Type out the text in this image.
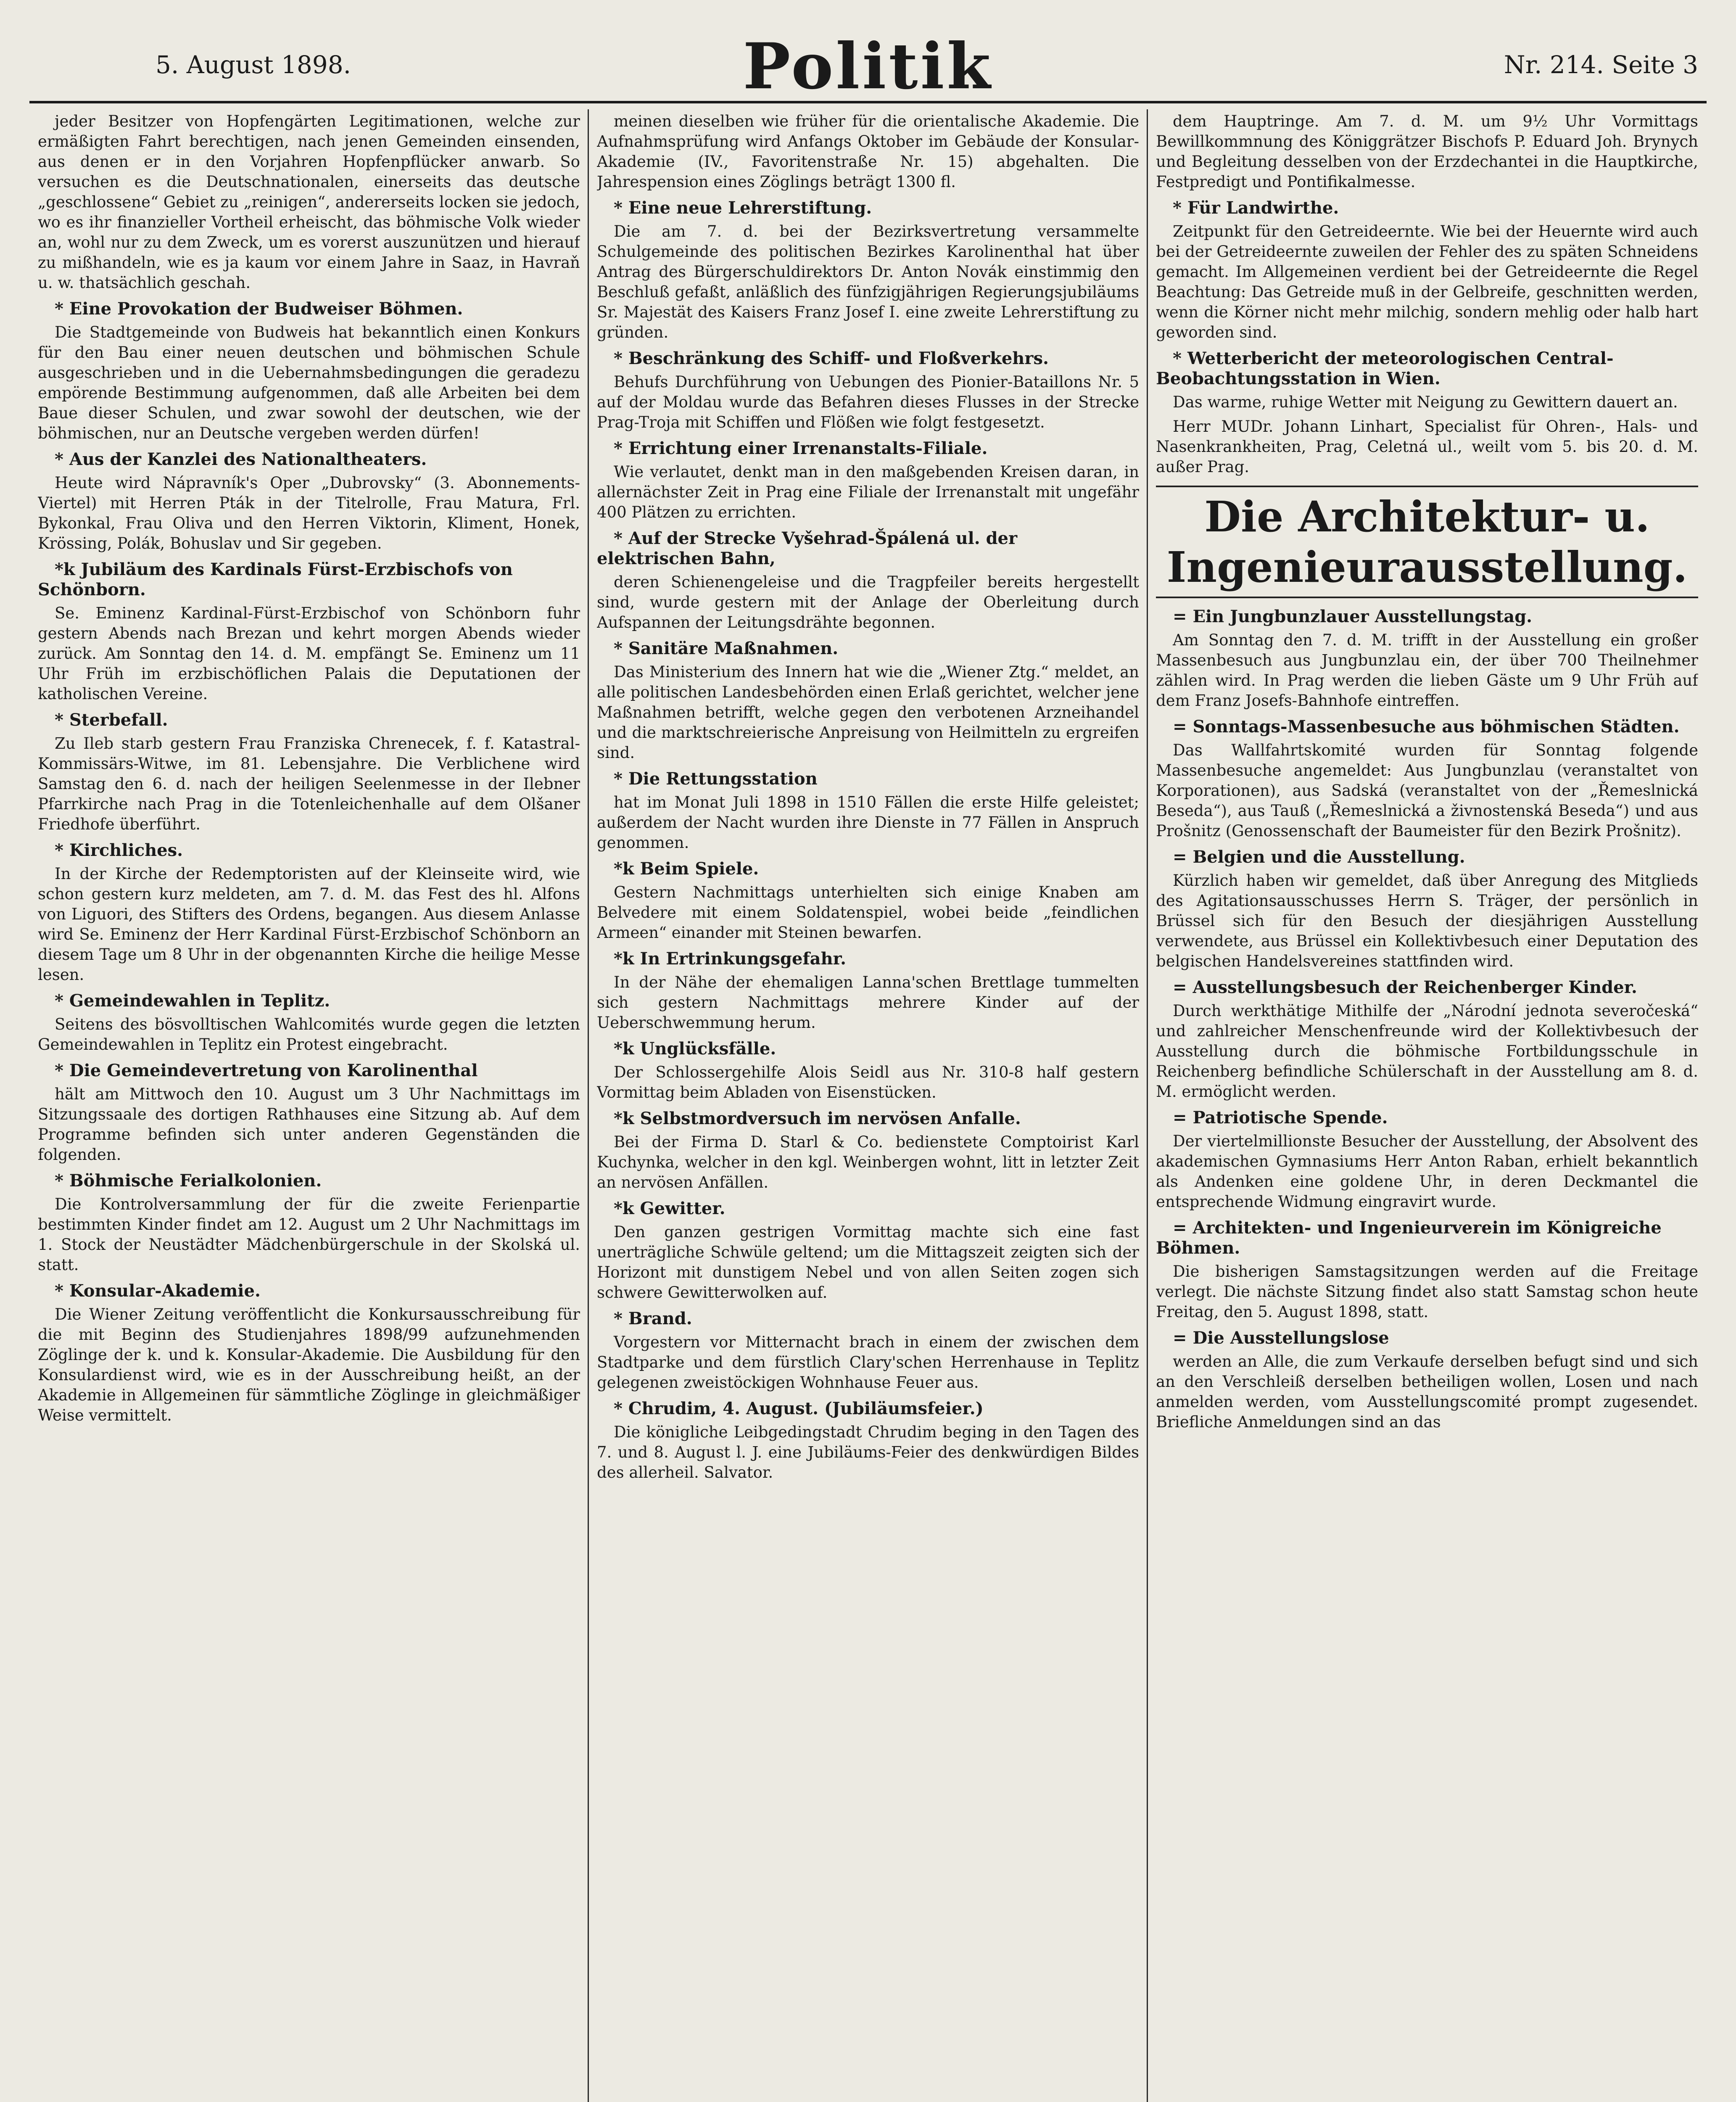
5. August 1898.	Politik	Nr. 214. Seite 3

jeder Besitzer von Hopfengärten Legitimationen, welche zur ermäßigten Fahrt berechtigen, nach jenen Gemeinden einsenden, aus denen er in den Vorjahren Hopfenpflücker anwarb. So versuchen es die Deutschnationalen, einerseits das deutsche „geschlossene“ Gebiet zu „reinigen“, andererseits locken sie jedoch, wo es ihr finanzieller Vortheil erheischt, das böhmische Volk wieder an, wohl nur zu dem Zweck, um es vorerst auszunützen und hierauf zu mißhandeln, wie es ja kaum vor einem Jahre in Saaz, in Havraň u. w. thatsächlich geschah.

* Eine Provokation der Budweiser Böhmen.

Die Stadtgemeinde von Budweis hat bekanntlich einen Konkurs für den Bau einer neuen deutschen und böhmischen Schule ausgeschrieben und in die Uebernahmsbedingungen die geradezu empörende Bestimmung aufgenommen, daß alle Arbeiten bei dem Baue dieser Schulen, und zwar sowohl der deutschen, wie der böhmischen, nur an Deutsche vergeben werden dürfen!

* Aus der Kanzlei des Nationaltheaters.

Heute wird Nápravník's Oper „Dubrovsky“ (3. Abonnements-Viertel) mit Herren Pták in der Titelrolle, Frau Matura, Frl. Bykonkal, Frau Oliva und den Herren Viktorin, Kliment, Honek, Krössing, Polák, Bohuslav und Sir gegeben.

*k Jubiläum des Kardinals Fürst-Erzbischofs von Schönborn.

Se. Eminenz Kardinal-Fürst-Erzbischof von Schönborn fuhr gestern Abends nach Brezan und kehrt morgen Abends wieder zurück. Am Sonntag den 14. d. M. empfängt Se. Eminenz um 11 Uhr Früh im erzbischöflichen Palais die Deputationen der katholischen Vereine.

* Sterbefall.

Zu Ileb starb gestern Frau Franziska Chrenecek, f. f. Katastral-Kommissärs-Witwe, im 81. Lebensjahre. Die Verblichene wird Samstag den 6. d. nach der heiligen Seelenmesse in der Ilebner Pfarrkirche nach Prag in die Totenleichenhalle auf dem Olšaner Friedhofe überführt.

* Kirchliches.

In der Kirche der Redemptoristen auf der Kleinseite wird, wie schon gestern kurz meldeten, am 7. d. M. das Fest des hl. Alfons von Liguori, des Stifters des Ordens, begangen. Aus diesem Anlasse wird Se. Eminenz der Herr Kardinal Fürst-Erzbischof Schönborn an diesem Tage um 8 Uhr in der obgenannten Kirche die heilige Messe lesen.

* Gemeindewahlen in Teplitz.

Seitens des bösvolltischen Wahlcomités wurde gegen die letzten Gemeindewahlen in Teplitz ein Protest eingebracht.

* Die Gemeindevertretung von Karolinenthal

hält am Mittwoch den 10. August um 3 Uhr Nachmittags im Sitzungssaale des dortigen Rathhauses eine Sitzung ab. Auf dem Programme befinden sich unter anderen Gegenständen die folgenden.

* Böhmische Ferialkolonien.

Die Kontrolversammlung der für die zweite Ferienpartie bestimmten Kinder findet am 12. August um 2 Uhr Nachmittags im 1. Stock der Neustädter Mädchenbürgerschule in der Skolská ul. statt.

* Konsular-Akademie.

Die Wiener Zeitung veröffentlicht die Konkursausschreibung für die mit Beginn des Studienjahres 1898/99 aufzunehmenden Zöglinge der k. und k. Konsular-Akademie. Die Ausbildung für den Konsulardienst wird, wie es in der Ausschreibung heißt, an der Akademie in Allgemeinen für sämmtliche Zöglinge in gleichmäßiger Weise vermittelt.

meinen dieselben wie früher für die orientalische Akademie. Die Aufnahmsprüfung wird Anfangs Oktober im Gebäude der Konsular-Akademie (IV., Favoritenstraße Nr. 15) abgehalten. Die Jahrespension eines Zöglings beträgt 1300 fl.

* Eine neue Lehrerstiftung.

Die am 7. d. bei der Bezirksvertretung versammelte Schulgemeinde des politischen Bezirkes Karolinenthal hat über Antrag des Bürgerschuldirektors Dr. Anton Novák einstimmig den Beschluß gefaßt, anläßlich des fünfzigjährigen Regierungsjubiläums Sr. Majestät des Kaisers Franz Josef I. eine zweite Lehrerstiftung zu gründen.

* Beschränkung des Schiff- und Floßverkehrs.

Behufs Durchführung von Uebungen des Pionier-Bataillons Nr. 5 auf der Moldau wurde das Befahren dieses Flusses in der Strecke Prag-Troja mit Schiffen und Flößen wie folgt festgesetzt.

* Errichtung einer Irrenanstalts-Filiale.

Wie verlautet, denkt man in den maßgebenden Kreisen daran, in allernächster Zeit in Prag eine Filiale der Irrenanstalt mit ungefähr 400 Plätzen zu errichten.

* Auf der Strecke Vyšehrad-Špálená ul. der elektrischen Bahn,

deren Schienengeleise und die Tragpfeiler bereits hergestellt sind, wurde gestern mit der Anlage der Oberleitung durch Aufspannen der Leitungsdrähte begonnen.

* Sanitäre Maßnahmen.

Das Ministerium des Innern hat wie die „Wiener Ztg.“ meldet, an alle politischen Landesbehörden einen Erlaß gerichtet, welcher jene Maßnahmen betrifft, welche gegen den verbotenen Arzneihandel und die marktschreierische Anpreisung von Heilmitteln zu ergreifen sind.

* Die Rettungsstation

hat im Monat Juli 1898 in 1510 Fällen die erste Hilfe geleistet; außerdem der Nacht wurden ihre Dienste in 77 Fällen in Anspruch genommen.

*k Beim Spiele.

Gestern Nachmittags unterhielten sich einige Knaben am Belvedere mit einem Soldatenspiel, wobei beide „feindlichen Armeen“ einander mit Steinen bewarfen.

*k In Ertrinkungsgefahr.

In der Nähe der ehemaligen Lanna'schen Brettlage tummelten sich gestern Nachmittags mehrere Kinder auf der Ueberschwemmung herum.

*k Unglücksfälle.

Der Schlossergehilfe Alois Seidl aus Nr. 310-8 half gestern Vormittag beim Abladen von Eisenstücken.

*k Selbstmordversuch im nervösen Anfalle.

Bei der Firma D. Starl & Co. bedienstete Comptoirist Karl Kuchynka, welcher in den kgl. Weinbergen wohnt, litt in letzter Zeit an nervösen Anfällen.

*k Gewitter.

Den ganzen gestrigen Vormittag machte sich eine fast unerträgliche Schwüle geltend; um die Mittagszeit zeigten sich der Horizont mit dunstigem Nebel und von allen Seiten zogen sich schwere Gewitterwolken auf.

* Brand.

Vorgestern vor Mitternacht brach in einem der zwischen dem Stadtparke und dem fürstlich Clary'schen Herrenhause in Teplitz gelegenen zweistöckigen Wohnhause Feuer aus.

* Chrudim, 4. August. (Jubiläumsfeier.)

Die königliche Leibgedingstadt Chrudim beging in den Tagen des 7. und 8. August l. J. eine Jubiläums-Feier des denkwürdigen Bildes des allerheil. Salvator.

dem Hauptringe. Am 7. d. M. um 9½ Uhr Vormittags Bewillkommnung des Königgrätzer Bischofs P. Eduard Joh. Brynych und Begleitung desselben von der Erzdechantei in die Hauptkirche, Festpredigt und Pontifikalmesse.

* Für Landwirthe.

Zeitpunkt für den Getreideernte. Wie bei der Heuernte wird auch bei der Getreideernte zuweilen der Fehler des zu späten Schneidens gemacht. Im Allgemeinen verdient bei der Getreideernte die Regel Beachtung: Das Getreide muß in der Gelbreife, geschnitten werden, wenn die Körner nicht mehr milchig, sondern mehlig oder halb hart geworden sind.

* Wetterbericht der meteorologischen Central-Beobachtungsstation in Wien.

Das warme, ruhige Wetter mit Neigung zu Gewittern dauert an.

Herr MUDr. Johann Linhart, Specialist für Ohren-, Hals- und Nasenkrankheiten, Prag, Celetná ul., weilt vom 5. bis 20. d. M. außer Prag.

Die Architektur- u. Ingenieurausstellung.
= Ein Jungbunzlauer Ausstellungstag.

Am Sonntag den 7. d. M. trifft in der Ausstellung ein großer Massenbesuch aus Jungbunzlau ein, der über 700 Theilnehmer zählen wird. In Prag werden die lieben Gäste um 9 Uhr Früh auf dem Franz Josefs-Bahnhofe eintreffen.

= Sonntags-Massenbesuche aus böhmischen Städten.

Das Wallfahrtskomité wurden für Sonntag folgende Massenbesuche angemeldet: Aus Jungbunzlau (veranstaltet von Korporationen), aus Sadská (veranstaltet von der „Řemeslnická Beseda“), aus Tauß („Řemeslnická a živnostenská Beseda“) und aus Prošnitz (Genossenschaft der Baumeister für den Bezirk Prošnitz).

= Belgien und die Ausstellung.

Kürzlich haben wir gemeldet, daß über Anregung des Mitglieds des Agitationsausschusses Herrn S. Träger, der persönlich in Brüssel sich für den Besuch der diesjährigen Ausstellung verwendete, aus Brüssel ein Kollektivbesuch einer Deputation des belgischen Handelsvereines stattfinden wird.

= Ausstellungsbesuch der Reichenberger Kinder.

Durch werkthätige Mithilfe der „Národní jednota severočeská“ und zahlreicher Menschenfreunde wird der Kollektivbesuch der Ausstellung durch die böhmische Fortbildungsschule in Reichenberg befindliche Schülerschaft in der Ausstellung am 8. d. M. ermöglicht werden.

= Patriotische Spende.

Der viertelmillionste Besucher der Ausstellung, der Absolvent des akademischen Gymnasiums Herr Anton Raban, erhielt bekanntlich als Andenken eine goldene Uhr, in deren Deckmantel die entsprechende Widmung eingravirt wurde.

= Architekten- und Ingenieurverein im Königreiche Böhmen.

Die bisherigen Samstagsitzungen werden auf die Freitage verlegt. Die nächste Sitzung findet also statt Samstag schon heute Freitag, den 5. August 1898, statt.

= Die Ausstellungslose

werden an Alle, die zum Verkaufe derselben befugt sind und sich an den Verschleiß derselben betheiligen wollen, Losen und nach anmelden werden, vom Ausstellungscomité prompt zugesendet. Briefliche Anmeldungen sind an das
